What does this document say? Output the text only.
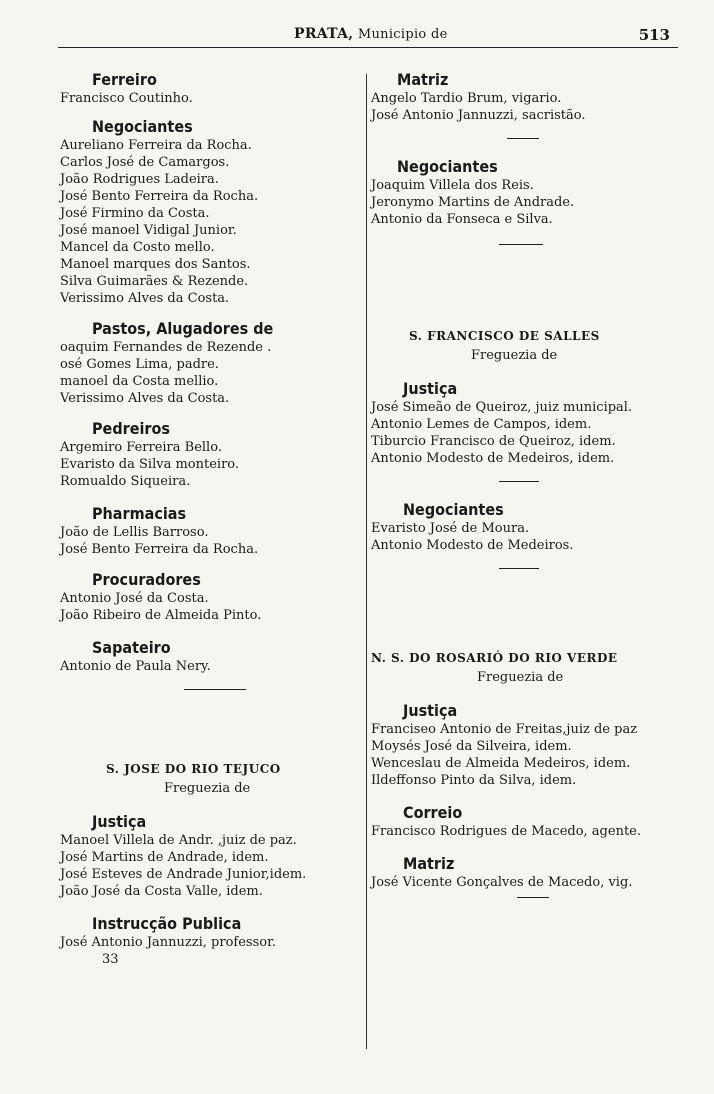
PRATA, Municipio de	513

Ferreiro

Francisco Coutinho.

Negociantes

Aureliano Ferreira da Rocha.

Carlos José de Camargos.

João Rodrigues Ladeira.

José Bento Ferreira da Rocha.

José Firmino da Costa.

José manoel Vidigal Junior.

Mancel da Costo mello.

Manoel marques dos Santos.

Silva Guimarães & Rezende.

Verissimo Alves da Costa.

Pastos, Alugadores de

oaquim Fernandes de Rezende .

osé Gomes Lima, padre.

manoel da Costa mellio.

Verissimo Alves da Costa.

Pedreiros

Argemiro Ferreira Bello.

Evaristo da Silva monteiro.

Romualdo Siqueira.

Pharmacias

João de Lellis Barroso.

José Bento Ferreira da Rocha.

Procuradores

Antonio José da Costa.

João Ribeiro de Almeida Pinto.

Sapateiro

Antonio de Paula Nery.

S. JOSE DO RIO TEJUCO

Freguezia de

Justiça

Manoel Villela de Andr. ,juiz de paz.

José Martins de Andrade, idem.

José Esteves de Andrade Junior,idem.

João José da Costa Valle, idem.

Instrucção Publica

José Antonio Jannuzzi, professor.

33

Matriz

Angelo Tardio Brum, vigario.

José Antonio Jannuzzi, sacristão.

Negociantes

Joaquim Villela dos Reis.

Jeronymo Martins de Andrade.

Antonio da Fonseca e Silva.

S. FRANCISCO DE SALLES

Freguezia de

Justiça

José Simeão de Queiroz, juiz municipal.

Antonio Lemes de Campos, idem.

Tiburcio Francisco de Queiroz, idem.

Antonio Modesto de Medeiros, idem.

Negociantes

Evaristo José de Moura.

Antonio Modesto de Medeiros.

N. S. DO ROSARIÓ DO RIO VERDE

Freguezia de

Justiça

Franciseo Antonio de Freitas,juiz de paz

Moysés José da Silveira, idem.

Wenceslau de Almeida Medeiros, idem.

Ildeffonso Pinto da Silva, idem.

Correio

Francisco Rodrigues de Macedo, agente.

Matriz

José Vicente Gonçalves de Macedo, vig.
